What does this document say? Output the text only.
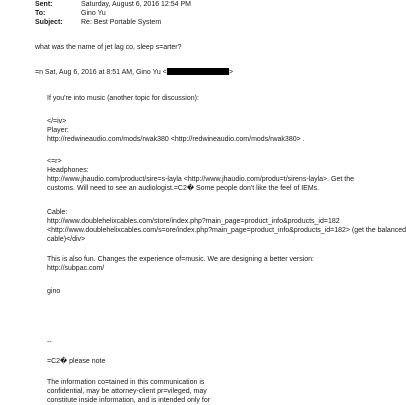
Sent:	Saturday, August 6, 2016 12:54 PM
To:	Gino Yu
Subject:	Re: Best Portable System
what was the name of jet lag co, sleep s=arter?
=n Sat, Aug 6, 2016 at 8:51 AM, Gino Yu <	>
If you're into music (another topic for discussion):
</=iv>
Player:
http://redwineaudio.com/mods/rwak380 <http://redwineaudio.com/mods/rwak380> .
<=r>
Headphones:
http://www.jhaudio.com/product/sire=s-layla <http://www.jhaudio.com/produ=t/sirens-layla>. Get the
customs. Will need to see an audiologist.=C2� Some people don't like the feel of IEMs.
Cable:
http://www.doublehelixcables.com/store/index.php?main_page=product_info&products_id=182
<http://www.doublehelixcables.com/s=ore/index.php?main_page=product_info&products_id=182> (get the balanced
cable)</div>
This is also fun. Changes the experience of=music. We are designing a better version:
http://subpac.com/
gino
--
=C2� please note
The information co=tained in this communication is
confidential, may be attorney-client pr=vileged, may
constitute inside information, and is intended only for
